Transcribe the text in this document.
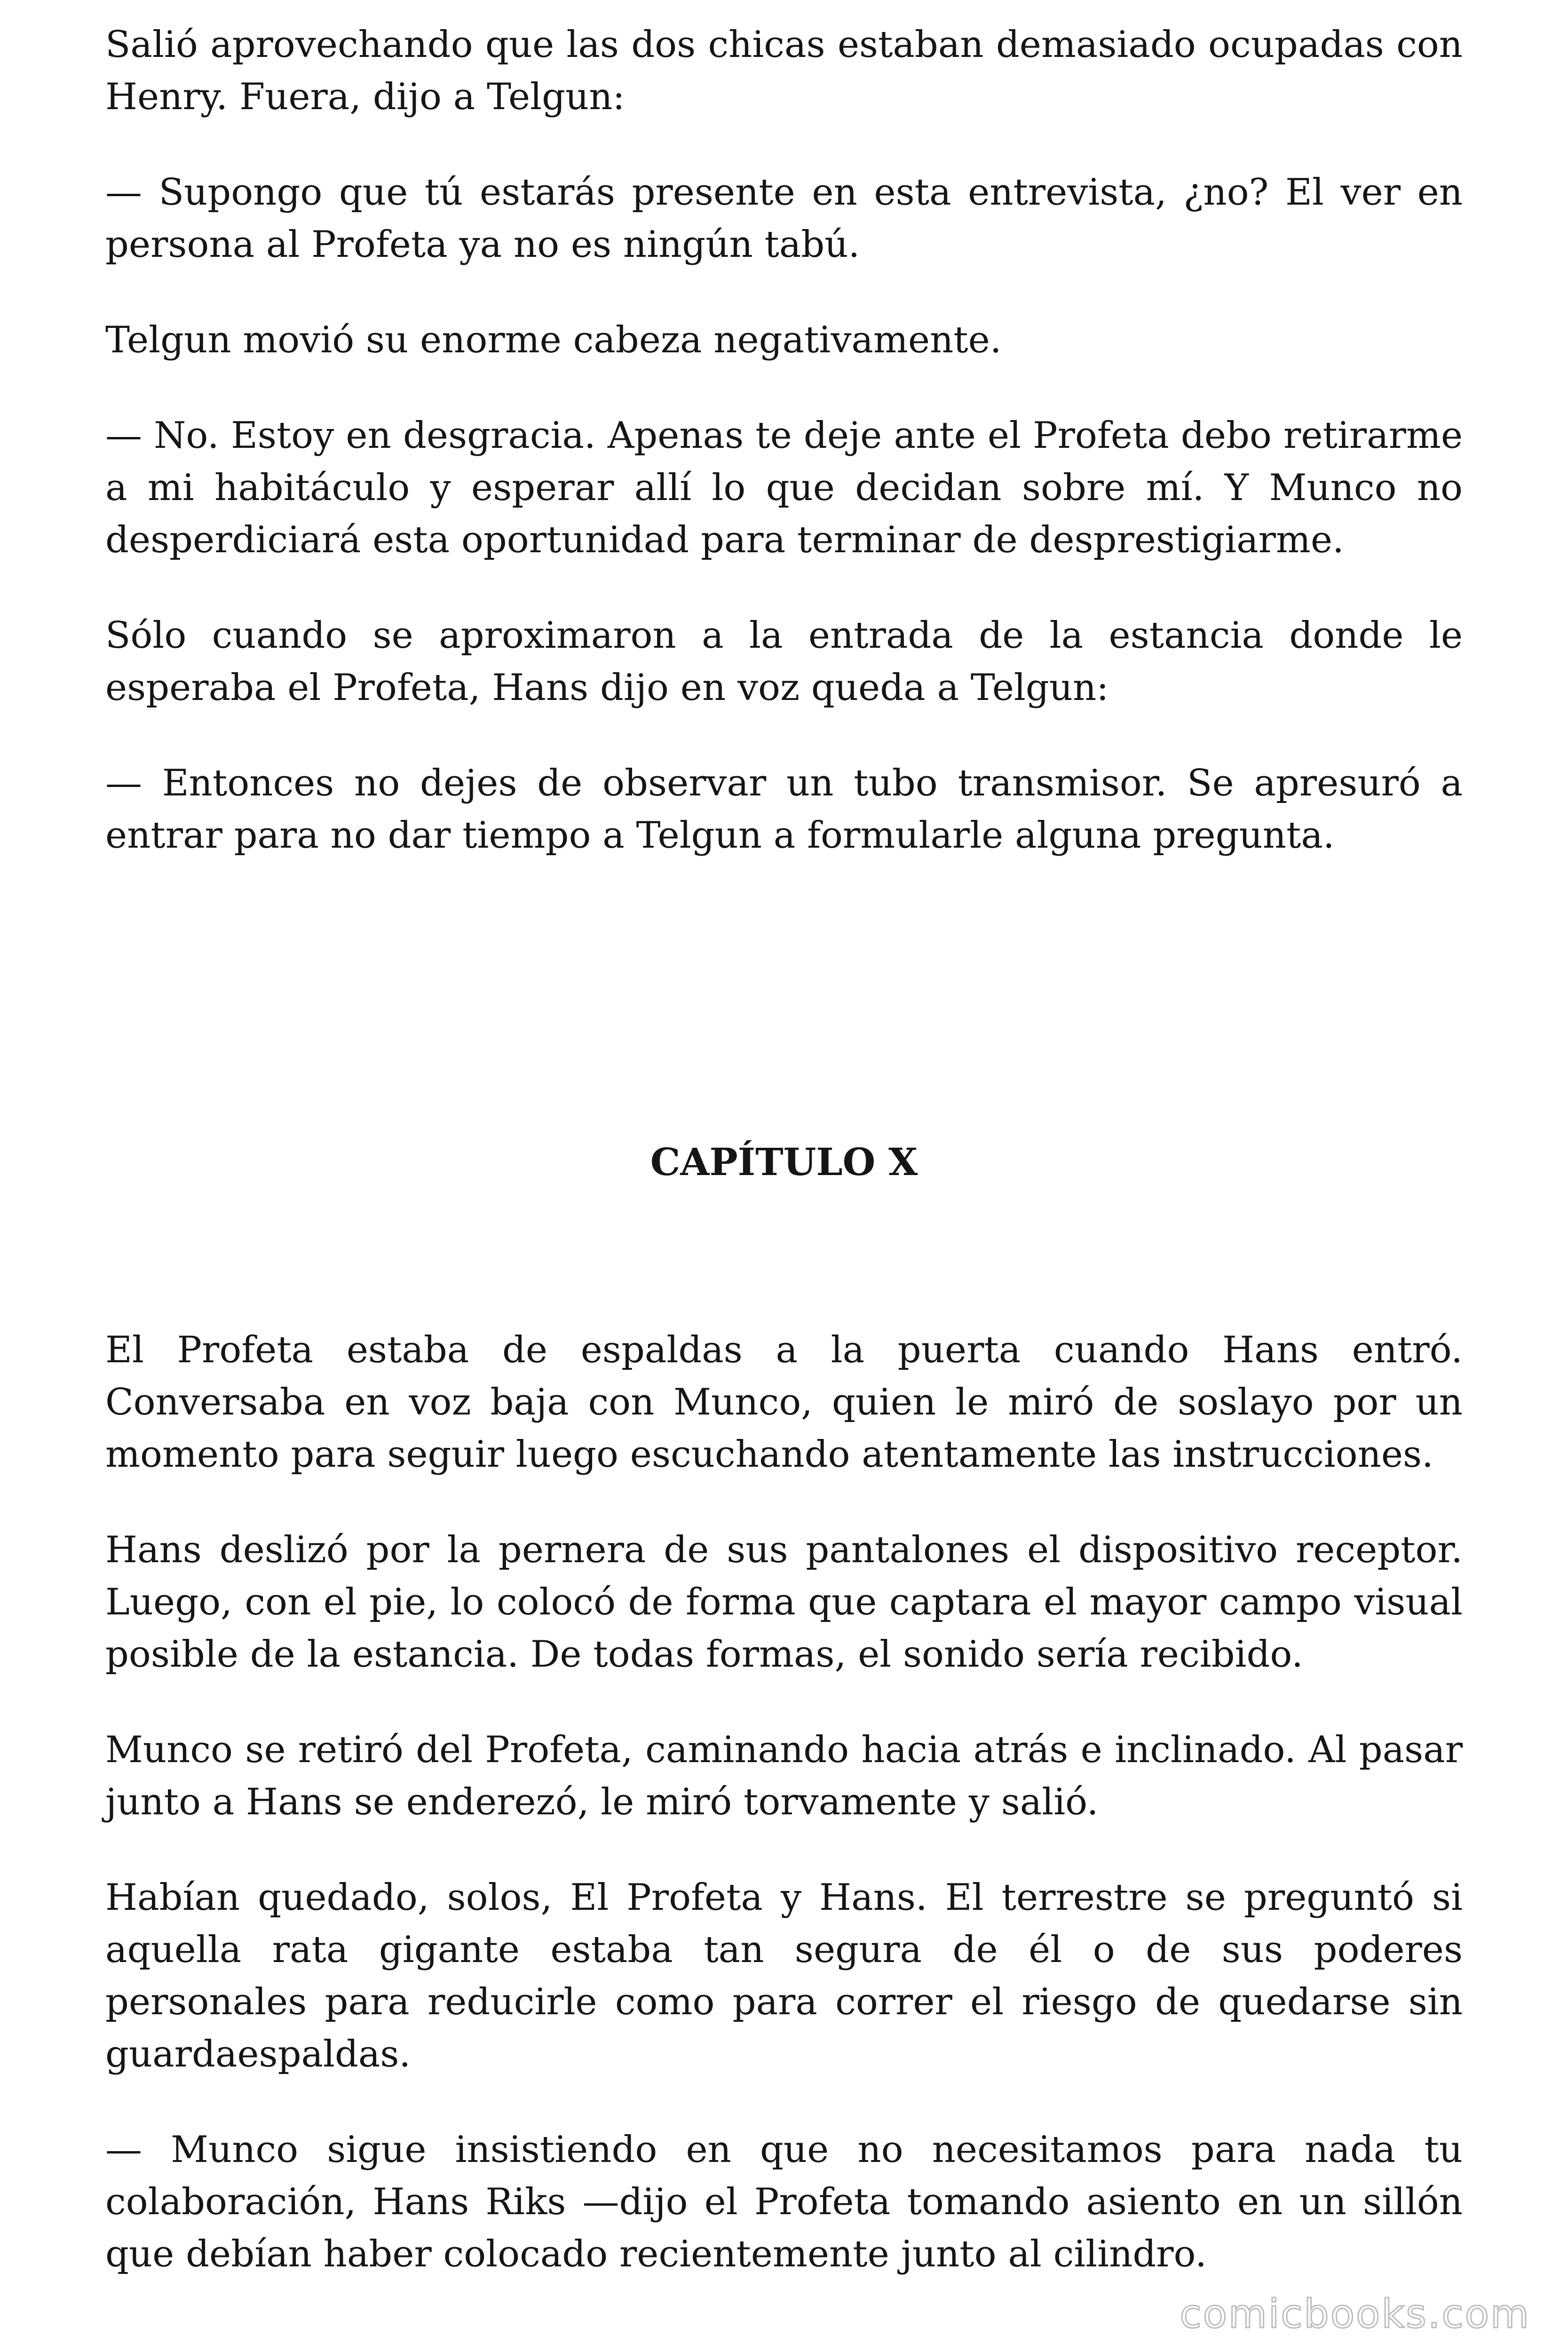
Salió aprovechando que las dos chicas estaban demasiado ocupadas con Henry. Fuera, dijo a Telgun:

— Supongo que tú estarás presente en esta entrevista, ¿no? El ver en persona al Profeta ya no es ningún tabú.

Telgun movió su enorme cabeza negativamente.

— No. Estoy en desgracia. Apenas te deje ante el Profeta debo retirarme a mi habitáculo y esperar allí lo que decidan sobre mí. Y Munco no desperdiciará esta oportunidad para terminar de desprestigiarme.

Sólo cuando se aproximaron a la entrada de la estancia donde le esperaba el Profeta, Hans dijo en voz queda a Telgun:

— Entonces no dejes de observar un tubo transmisor. Se apresuró a entrar para no dar tiempo a Telgun a formularle alguna pregunta.

CAPÍTULO X

El Profeta estaba de espaldas a la puerta cuando Hans entró. Conversaba en voz baja con Munco, quien le miró de soslayo por un momento para seguir luego escuchando atentamente las instrucciones.

Hans deslizó por la pernera de sus pantalones el dispositivo receptor. Luego, con el pie, lo colocó de forma que captara el mayor campo visual posible de la estancia. De todas formas, el sonido sería recibido.

Munco se retiró del Profeta, caminando hacia atrás e inclinado. Al pasar junto a Hans se enderezó, le miró torvamente y salió.

Habían quedado, solos, El Profeta y Hans. El terrestre se preguntó si aquella rata gigante estaba tan segura de él o de sus poderes personales para reducirle como para correr el riesgo de quedarse sin guardaespaldas.

— Munco sigue insistiendo en que no necesitamos para nada tu colaboración, Hans Riks —dijo el Profeta tomando asiento en un sillón que debían haber colocado recientemente junto al cilindro.

comicbooks.com
